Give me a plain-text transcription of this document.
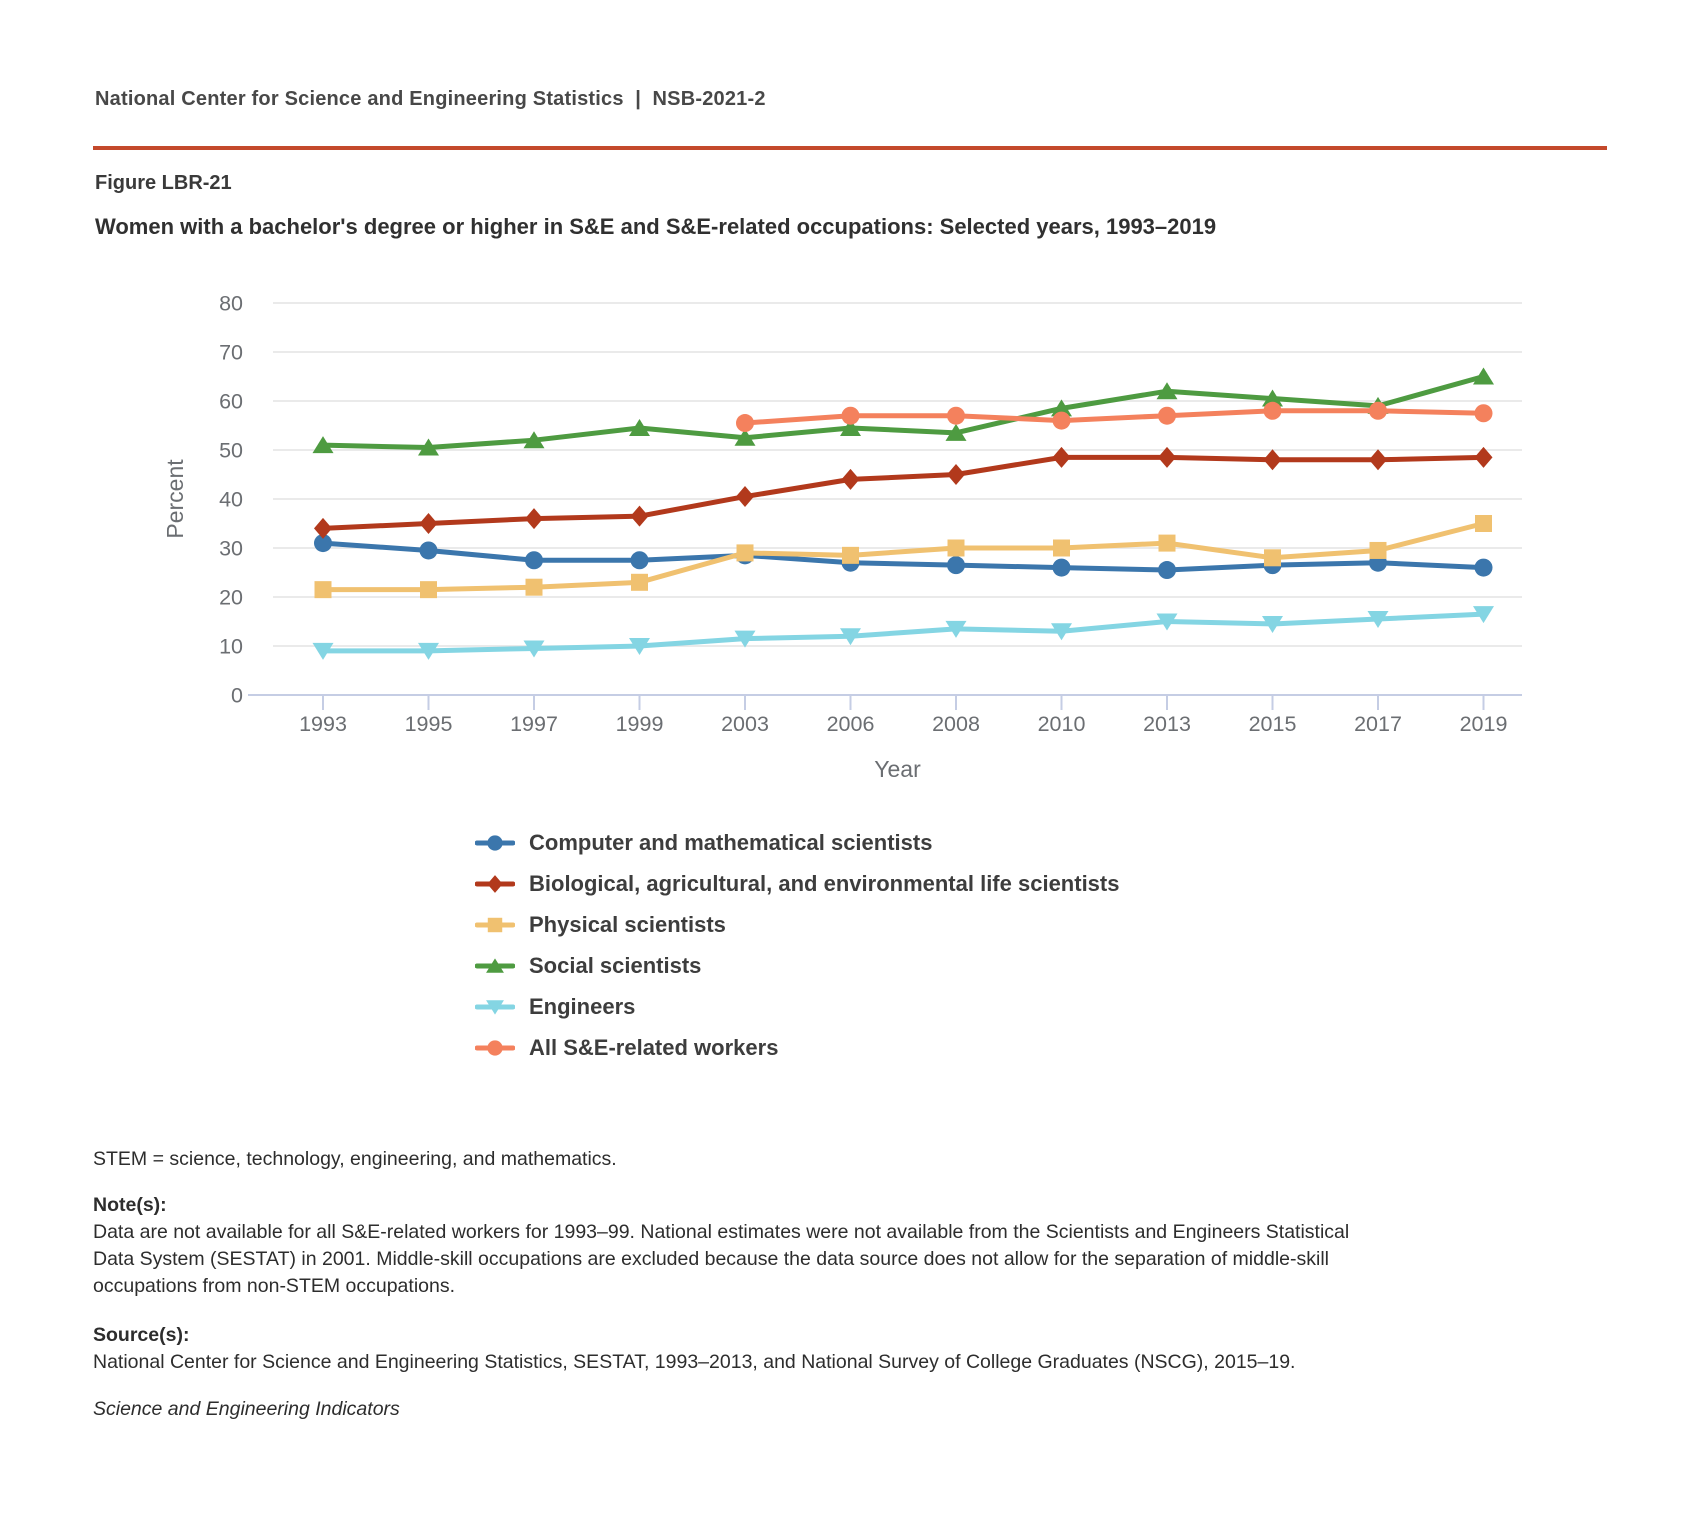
National Center for Science and Engineering Statistics  |  NSB-2021-2
Figure LBR-21
Women with a bachelor's degree or higher in S&E and S&E-related occupations: Selected years, 1993–2019
0
10
20
30
40
50
60
70
80
1993	1995	1997	1999	2003	2006	2008	2010	2013	2015	2017	2019
Percent
Year
Computer and mathematical scientists
Biological, agricultural, and environmental life scientists
Physical scientists
Social scientists
Engineers
All S&E-related workers
STEM = science, technology, engineering, and mathematics.
Note(s):
Data are not available for all S&E-related workers for 1993–99. National estimates were not available from the Scientists and Engineers Statistical
Data System (SESTAT) in 2001. Middle-skill occupations are excluded because the data source does not allow for the separation of middle-skill
occupations from non-STEM occupations.
Source(s):
National Center for Science and Engineering Statistics, SESTAT, 1993–2013, and National Survey of College Graduates (NSCG), 2015–19.
Science and Engineering Indicators
